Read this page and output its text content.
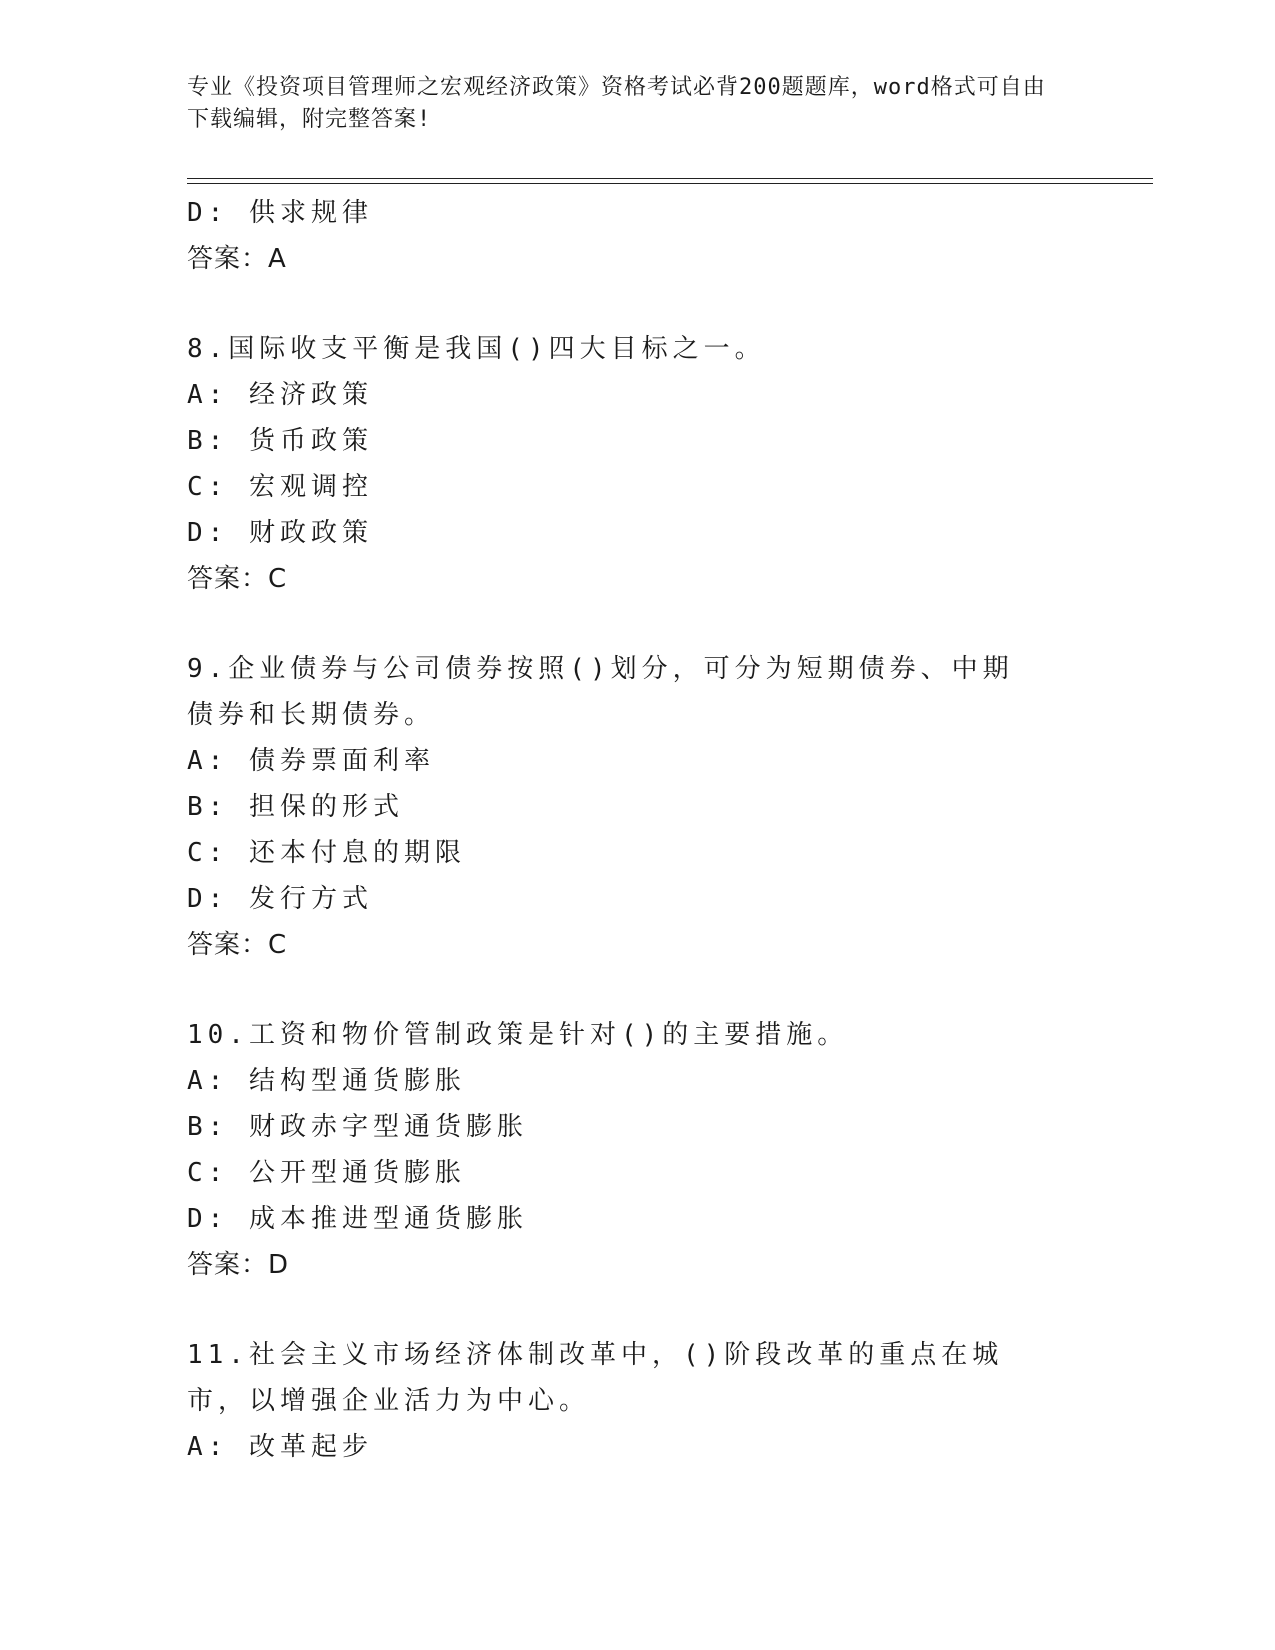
专业《投资项目管理师之宏观经济政策》资格考试必背200题题库，word格式可自由下载编辑，附完整答案!
D: 供求规律
答案：A
8.国际收支平衡是我国()四大目标之一。
A: 经济政策
B: 货币政策
C: 宏观调控
D: 财政政策
答案：C
9.企业债券与公司债券按照()划分，可分为短期债券、中期债券和长期债券。
A: 债券票面利率
B: 担保的形式
C: 还本付息的期限
D: 发行方式
答案：C
10.工资和物价管制政策是针对()的主要措施。
A: 结构型通货膨胀
B: 财政赤字型通货膨胀
C: 公开型通货膨胀
D: 成本推进型通货膨胀
答案：D
11.社会主义市场经济体制改革中，()阶段改革的重点在城市，以增强企业活力为中心。
A: 改革起步
